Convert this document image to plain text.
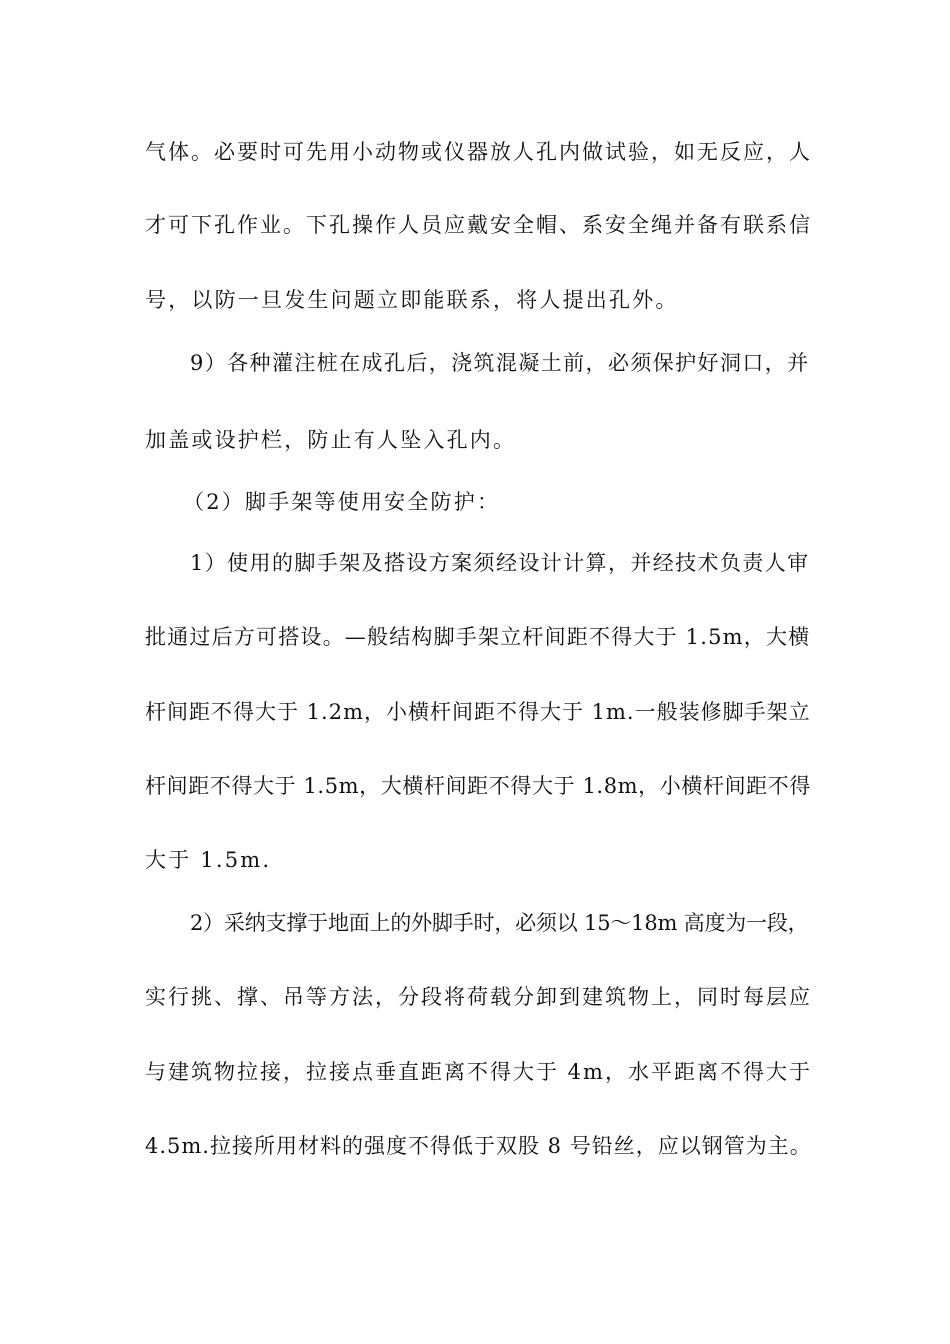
气体。必要时可先用小动物或仪器放人孔内做试验，如无反应，人
才可下孔作业。下孔操作人员应戴安全帽、系安全绳并备有联系信
号，以防一旦发生问题立即能联系，将人提出孔外。
9）各种灌注桩在成孔后，浇筑混凝土前，必须保护好洞口，并
加盖或设护栏，防止有人坠入孔内。
（2）脚手架等使用安全防护：
1）使用的脚手架及搭设方案须经设计计算，并经技术负责人审
批通过后方可搭设。—般结构脚手架立杆间距不得大于 1.5m，大横
杆间距不得大于 1.2m，小横杆间距不得大于 1m.一般装修脚手架立
杆间距不得大于 1.5m，大横杆间距不得大于 1.8m，小横杆间距不得
大于 1.5m.
2）采纳支撑于地面上的外脚手时，必须以 15～18m 高度为一段，
实行挑、撑、吊等方法，分段将荷载分卸到建筑物上，同时每层应
与建筑物拉接，拉接点垂直距离不得大于 4m，水平距离不得大于
4.5m.拉接所用材料的强度不得低于双股 8 号铅丝，应以钢管为主。
